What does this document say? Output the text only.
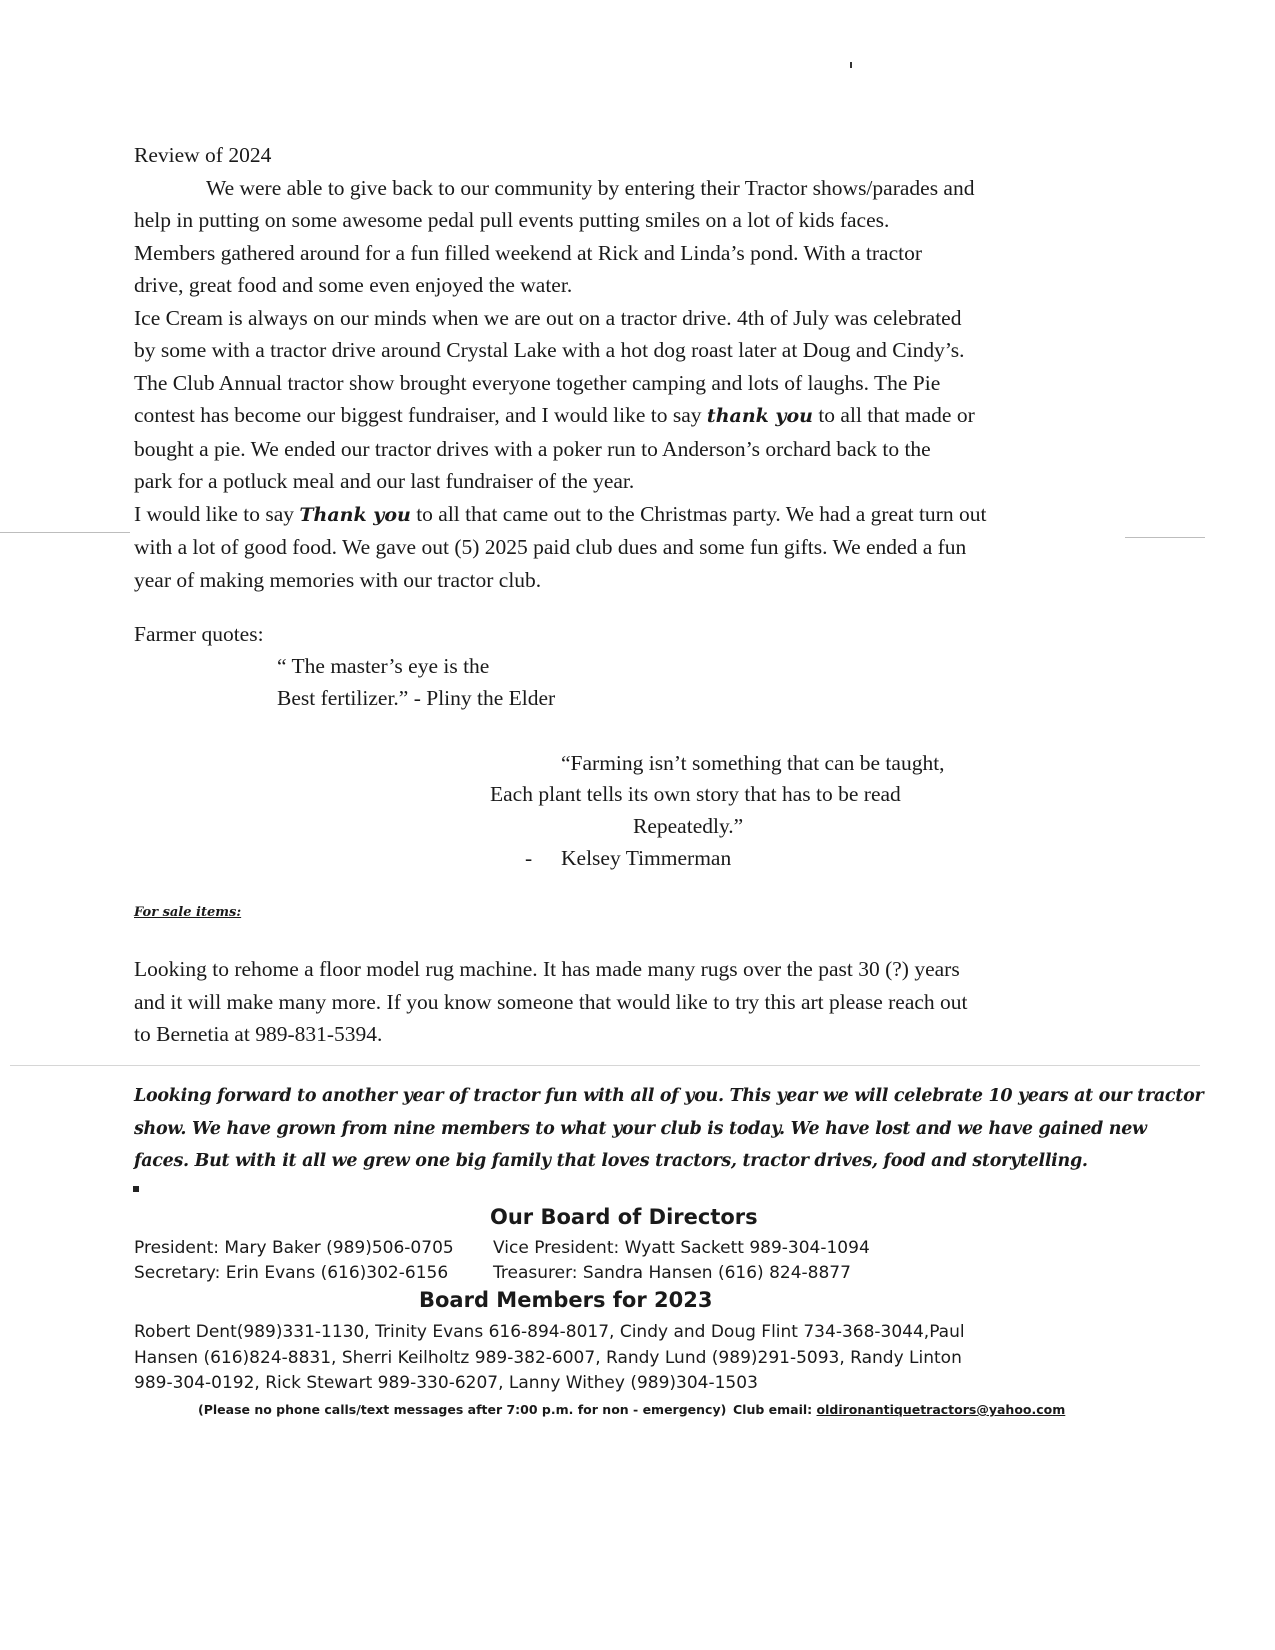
Review of 2024
We were able to give back to our community by entering their Tractor shows/parades and
help in putting on some awesome pedal pull events putting smiles on a lot of kids faces.
Members gathered around for a fun filled weekend at Rick and Linda’s pond. With a tractor
drive, great food and some even enjoyed the water.
Ice Cream is always on our minds when we are out on a tractor drive. 4th of July was celebrated
by some with a tractor drive around Crystal Lake with a hot dog roast later at Doug and Cindy’s.
The Club Annual tractor show brought everyone together camping and lots of laughs. The Pie
contest has become our biggest fundraiser, and I would like to say thank you to all that made or
bought a pie. We ended our tractor drives with a poker run to Anderson’s orchard back to the
park for a potluck meal and our last fundraiser of the year.
I would like to say Thank you to all that came out to the Christmas party. We had a great turn out
with a lot of good food. We gave out (5) 2025 paid club dues and some fun gifts. We ended a fun
year of making memories with our tractor club.
Farmer quotes:
“ The master’s eye is the
Best fertilizer.” - Pliny the Elder
“Farming isn’t something that can be taught,
Each plant tells its own story that has to be read
Repeatedly.”
- Kelsey Timmerman
For sale items:
Looking to rehome a floor model rug machine. It has made many rugs over the past 30 (?) years
and it will make many more. If you know someone that would like to try this art please reach out
to Bernetia at 989-831-5394.
Looking forward to another year of tractor fun with all of you. This year we will celebrate 10 years at our tractor
show. We have grown from nine members to what your club is today. We have lost and we have gained new
faces. But with it all we grew one big family that loves tractors, tractor drives, food and storytelling.
Our Board of Directors
President: Mary Baker (989)506-0705 Vice President: Wyatt Sackett 989-304-1094
Secretary: Erin Evans (616)302-6156	Treasurer: Sandra Hansen (616) 824-8877
Board Members for 2023
Robert Dent(989)331-1130, Trinity Evans 616-894-8017, Cindy and Doug Flint 734-368-3044,Paul
Hansen (616)824-8831, Sherri Keilholtz 989-382-6007, Randy Lund (989)291-5093, Randy Linton
989-304-0192, Rick Stewart 989-330-6207, Lanny Withey (989)304-1503
(Please no phone calls/text messages after 7:00 p.m. for non - emergency) Club email: oldironantiquetractors@yahoo.com
